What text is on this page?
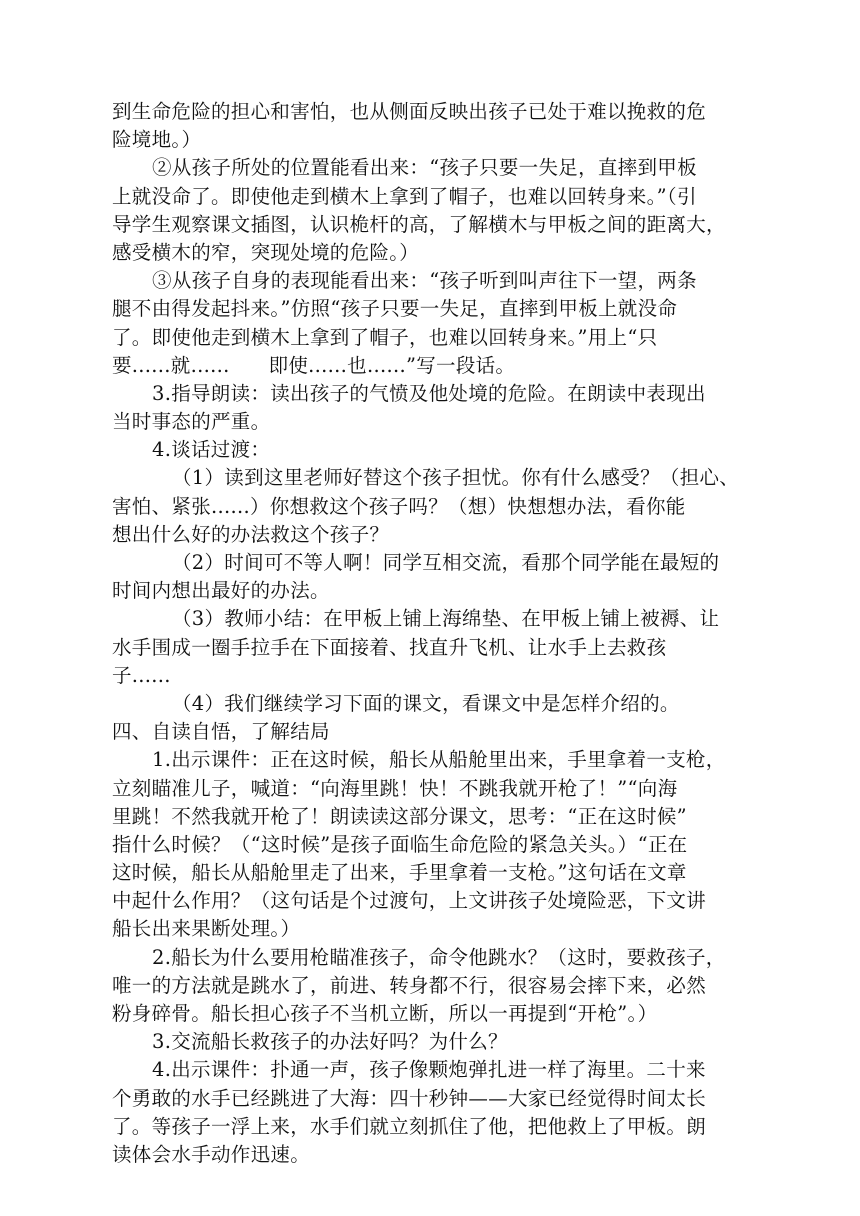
到生命危险的担心和害怕，也从侧面反映出孩子已处于难以挽救的危
险境地。）
②从孩子所处的位置能看出来：“孩子只要一失足，直摔到甲板
上就没命了。即使他走到横木上拿到了帽子，也难以回转身来。”（引
导学生观察课文插图，认识桅杆的高，了解横木与甲板之间的距离大，
感受横木的窄，突现处境的危险。）
③从孩子自身的表现能看出来：“孩子听到叫声往下一望，两条
腿不由得发起抖来。”仿照“孩子只要一失足，直摔到甲板上就没命
了。即使他走到横木上拿到了帽子，也难以回转身来。”用上“只
要......就......      即使......也......”写一段话。
3.指导朗读：读出孩子的气愤及他处境的危险。在朗读中表现出
当时事态的严重。
4.谈话过渡：
（1）读到这里老师好替这个孩子担忧。你有什么感受？（担心、
害怕、紧张......）你想救这个孩子吗？（想）快想想办法，看你能
想出什么好的办法救这个孩子？
（2）时间可不等人啊！同学互相交流，看那个同学能在最短的
时间内想出最好的办法。
（3）教师小结：在甲板上铺上海绵垫、在甲板上铺上被褥、让
水手围成一圈手拉手在下面接着、找直升飞机、让水手上去救孩
子......
（4）我们继续学习下面的课文，看课文中是怎样介绍的。
四、自读自悟，了解结局
1.出示课件：正在这时候，船长从船舱里出来，手里拿着一支枪，
立刻瞄准儿子，喊道：“向海里跳！快！不跳我就开枪了！”“向海
里跳！不然我就开枪了！朗读读这部分课文，思考：“正在这时候”
指什么时候？（“这时候”是孩子面临生命危险的紧急关头。）“正在
这时候，船长从船舱里走了出来，手里拿着一支枪。”这句话在文章
中起什么作用？（这句话是个过渡句，上文讲孩子处境险恶，下文讲
船长出来果断处理。）
2.船长为什么要用枪瞄准孩子，命令他跳水？（这时，要救孩子，
唯一的方法就是跳水了，前进、转身都不行，很容易会摔下来，必然
粉身碎骨。船长担心孩子不当机立断，所以一再提到“开枪”。）
3.交流船长救孩子的办法好吗？为什么？
4.出示课件：扑通一声，孩子像颗炮弹扎进一样了海里。二十来
个勇敢的水手已经跳进了大海：四十秒钟——大家已经觉得时间太长
了。等孩子一浮上来，水手们就立刻抓住了他，把他救上了甲板。朗
读体会水手动作迅速。
